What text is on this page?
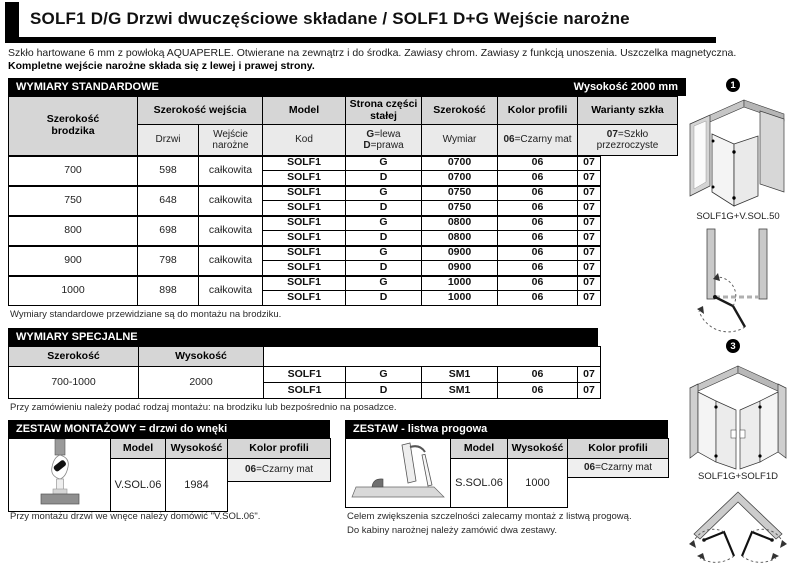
SOLF1 D/G Drzwi dwuczęściowe składane / SOLF1 D+G Wejście narożne
Szkło hartowane 6 mm z powłoką AQUAPERLE. Otwierane na zewnątrz i do środka. Zawiasy chrom. Zawiasy z funkcją unoszenia. Uszczelka magnetyczna.
Kompletne wejście narożne składa się z lewej i prawej strony.
WYMIARY STANDARDOWE	Wysokość 2000 mm
Szerokość
brodzika	Szerokość wejścia		Model	Strona części stałej	Szerokość	Kolor profili	Warianty szkła	
	Drzwi	Wejście narożne	Kod	G=lewa
D=prawa	Wymiar	06=Czarny mat	07=Szkło przezroczyste	
700	598	całkowita	SOLF1	G	0700	06	07	
			SOLF1	D	0700	06	07	
750	648	całkowita	SOLF1	G	0750	06	07	
			SOLF1	D	0750	06	07	
800	698	całkowita	SOLF1	G	0800	06	07	
			SOLF1	D	0800	06	07	
900	798	całkowita	SOLF1	G	0900	06	07	
			SOLF1	D	0900	06	07	
1000	898	całkowita	SOLF1	G	1000	06	07	
			SOLF1	D	1000	06	07	
Wymiary standardowe przewidziane są do montażu na brodziku.
WYMIARY SPECJALNE
Szerokość	Wysokość					
700-1000	2000	SOLF1	G	SM1	06	07
		SOLF1	D	SM1	06	07
Przy zamówieniu należy podać rodzaj montażu: na brodziku lub bezpośrednio na posadzce.
ZESTAW MONTAŻOWY = drzwi do wnęki
	Model	Wysokość	Kolor profili
	V.SOL.06	1984	06=Czarny mat

Przy montażu drzwi we wnęce należy domówić "V.SOL.06".
ZESTAW - listwa progowa
	Model	Wysokość	Kolor profili
	S.SOL.06	1000	06=Czarny mat

Celem zwiększenia szczelności zalecamy montaż z listwą progową.
Do kabiny narożnej należy zamówić dwa zestawy.
1
SOLF1G+V.SOL.50
3
SOLF1G+SOLF1D
